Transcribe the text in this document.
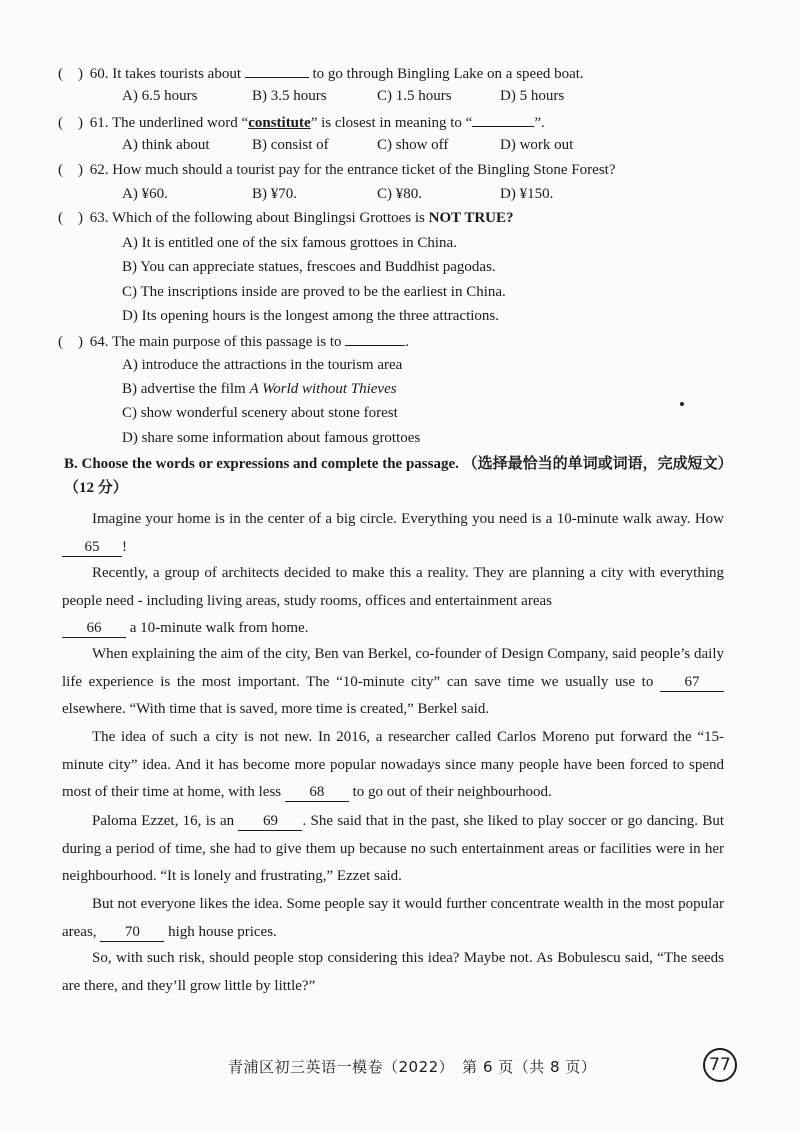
( ) 60. It takes tourists about	to go through Bingling Lake on a speed boat.
A) 6.5 hours	B) 3.5 hours	C) 1.5 hours	D) 5 hours
( ) 61. The underlined word “constitute” is closest in meaning to “	”.
A) think about	B) consist of	C) show off	D) work out
( ) 62. How much should a tourist pay for the entrance ticket of the Bingling Stone Forest?
A) ¥60.	B) ¥70.	C) ¥80.	D) ¥150.
( ) 63. Which of the following about Binglingsi Grottoes is NOT TRUE?
A) It is entitled one of the six famous grottoes in China.
B) You can appreciate statues, frescoes and Buddhist pagodas.
C) The inscriptions inside are proved to be the earliest in China.
D) Its opening hours is the longest among the three attractions.
( ) 64. The main purpose of this passage is to	.
A) introduce the attractions in the tourism area
B) advertise the film A World without Thieves
C) show wonderful scenery about stone forest
D) share some information about famous grottoes
B. Choose the words or expressions and complete the passage. （选择最恰当的单词或词语，完成短文）（12 分）
Imagine your home is in the center of a big circle. Everything you need is a 10-minute walk away. How 65 !
Recently, a group of architects decided to make this a reality. They are planning a city with everything people need - including living areas, study rooms, offices and entertainment areas
66 a 10-minute walk from home.
When explaining the aim of the city, Ben van Berkel, co-founder of Design Company, said people’s daily life experience is the most important. The “10-minute city” can save time we usually use to 67 elsewhere. “With time that is saved, more time is created,” Berkel said.
The idea of such a city is not new. In 2016, a researcher called Carlos Moreno put forward the “15-minute city” idea. And it has become more popular nowadays since many people have been forced to spend most of their time at home, with less 68 to go out of their neighbourhood.
Paloma Ezzet, 16, is an 69 . She said that in the past, she liked to play soccer or go dancing. But during a period of time, she had to give them up because no such entertainment areas or facilities were in her neighbourhood. “It is lonely and frustrating,” Ezzet said.
But not everyone likes the idea. Some people say it would further concentrate wealth in the most popular areas, 70 high house prices.
So, with such risk, should people stop considering this idea? Maybe not. As Bobulescu said, “The seeds are there, and they’ll grow little by little?”
青浦区初三英语一模卷（2022）　第 6 页（共 8 页）	77
